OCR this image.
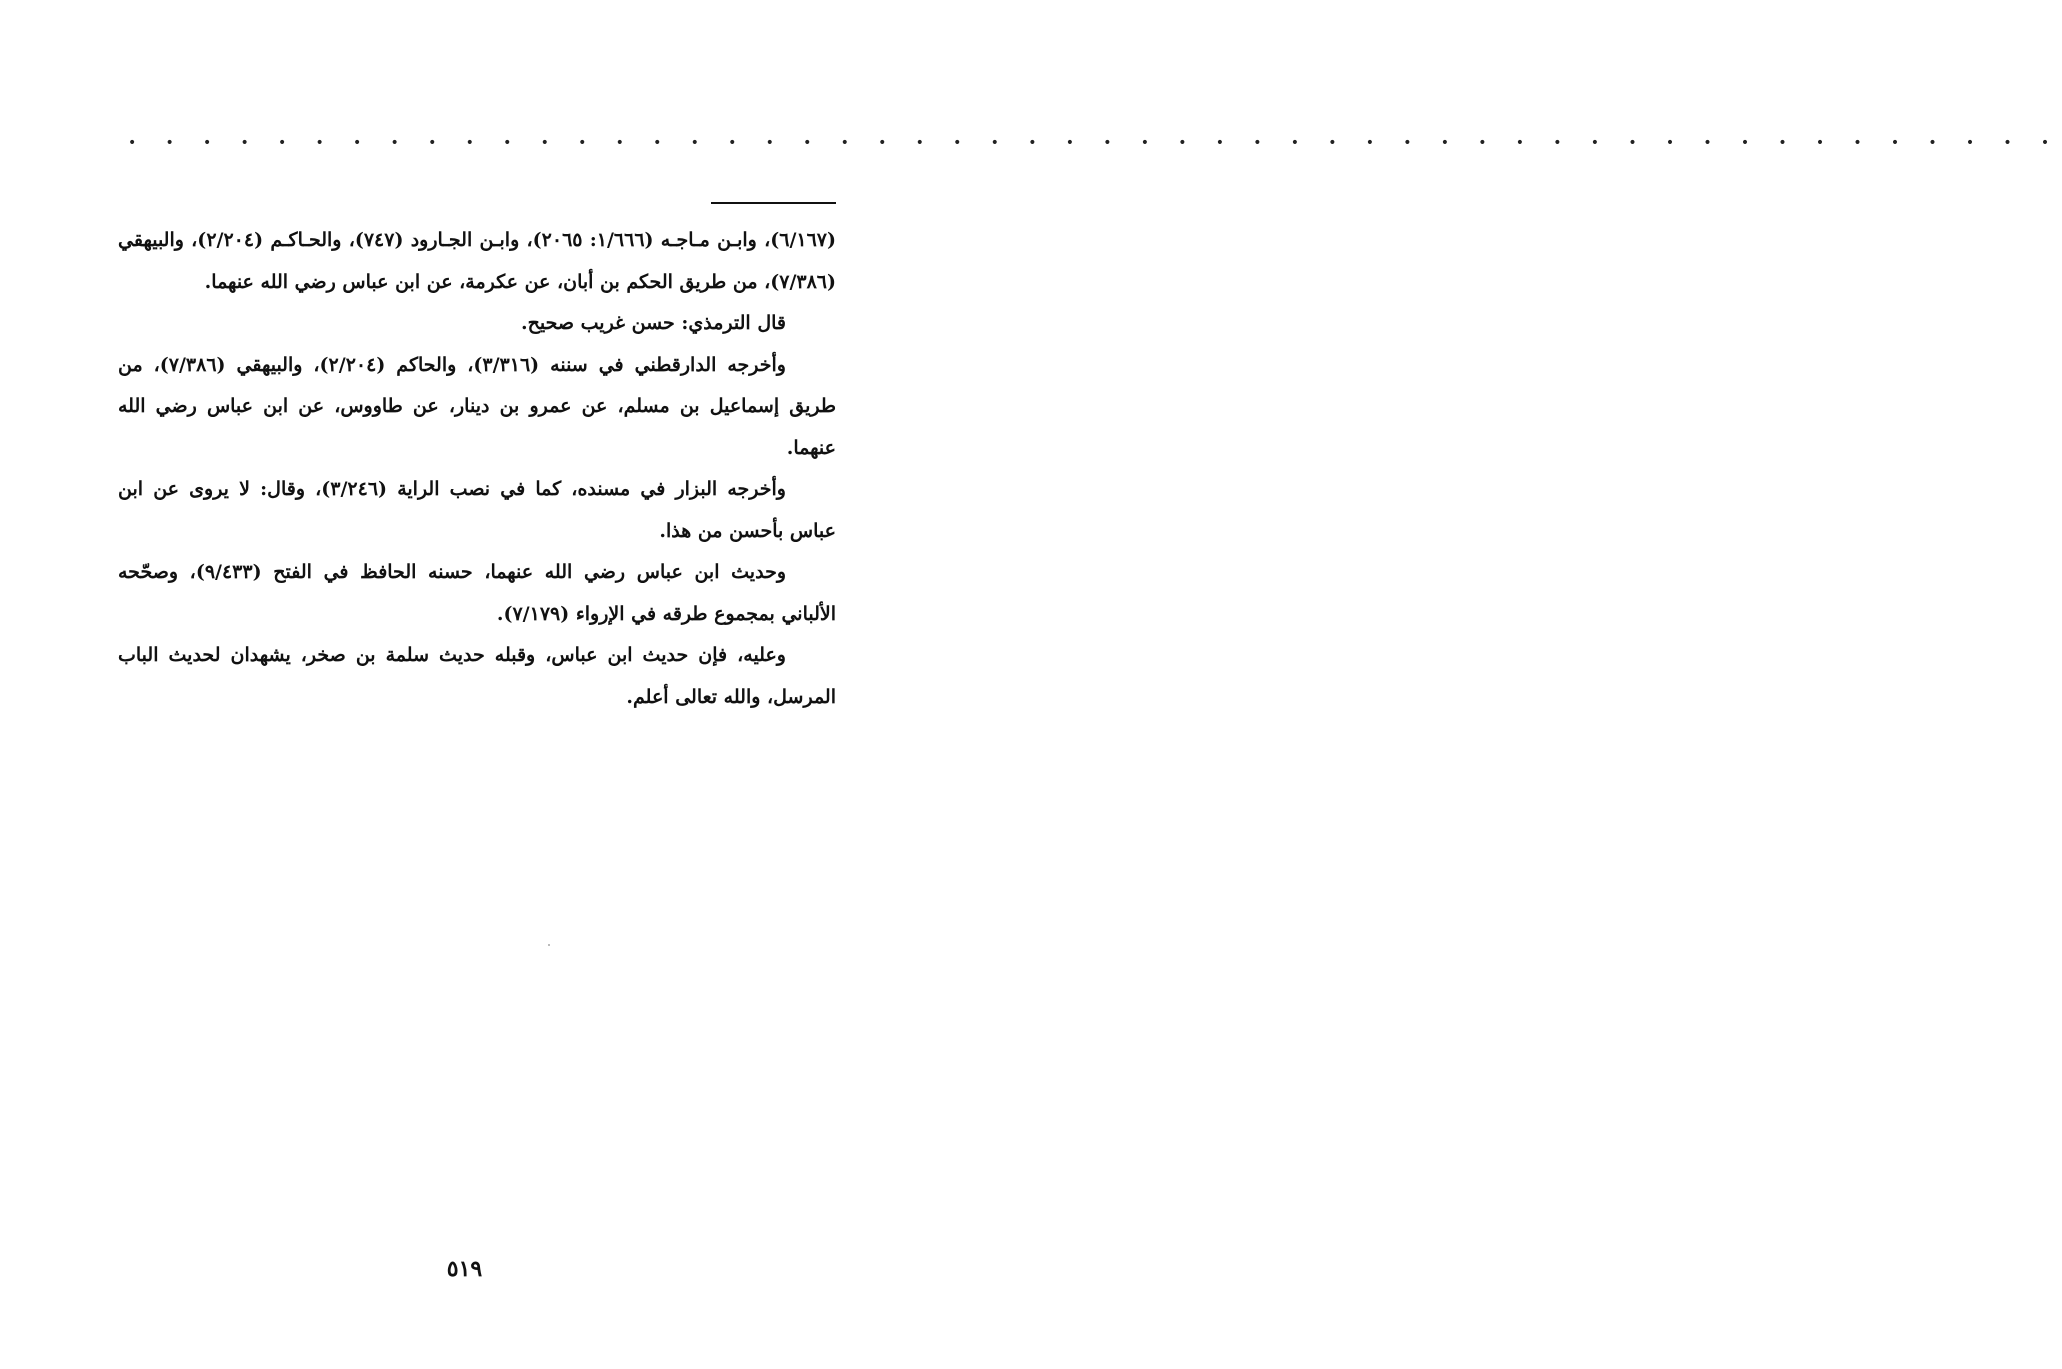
• • • • • • • • • • • • • • • • • • • • • • • • • • • • • • • • • • • • • • • • • • • • • • • • • • • •

(٦/١٦٧)، وابـن مـاجـه (١/٦٦٦: ٢٠٦٥)، وابـن الجـارود (٧٤٧)، والحـاكـم (٢/٢٠٤)، والبيهقي (٧/٣٨٦)، من طريق الحكم بن أبان، عن عكرمة، عن ابن عباس رضي الله عنهما.

قال الترمذي: حسن غريب صحيح.

وأخرجه الدارقطني في سننه (٣/٣١٦)، والحاكم (٢/٢٠٤)، والبيهقي (٧/٣٨٦)، من طريق إسماعيل بن مسلم، عن عمرو بن دينار، عن طاووس، عن ابن عباس رضي الله عنهما.

وأخرجه البزار في مسنده، كما في نصب الراية (٣/٢٤٦)، وقال: لا يروى عن ابن عباس بأحسن من هذا.

وحديث ابن عباس رضي الله عنهما، حسنه الحافظ في الفتح (٩/٤٣٣)، وصحّحه الألباني بمجموع طرقه في الإرواء (٧/١٧٩).

وعليه، فإن حديث ابن عباس، وقبله حديث سلمة بن صخر، يشهدان لحديث الباب المرسل، والله تعالى أعلم.

٥١٩
